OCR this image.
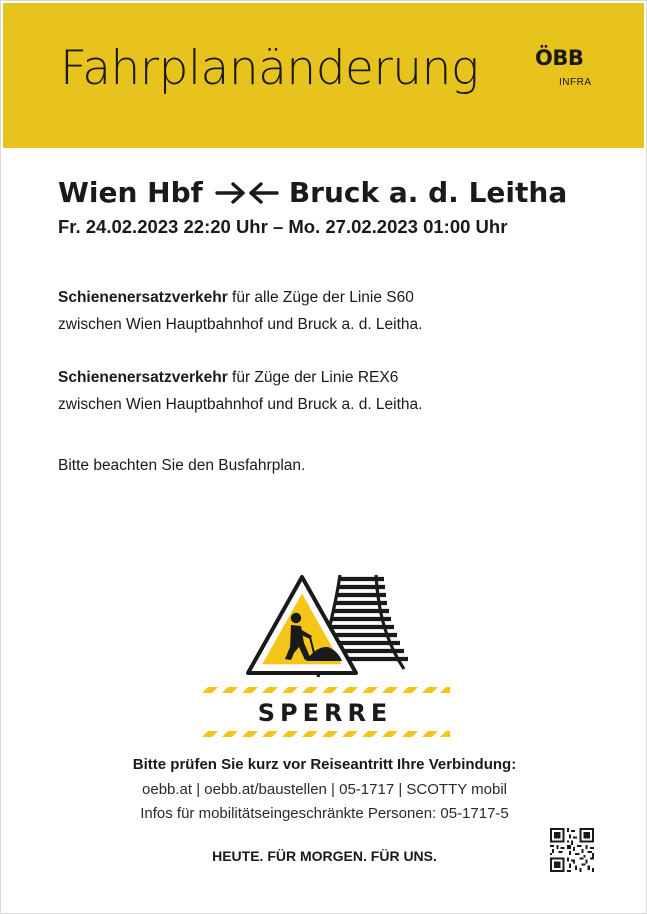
Fahrplanänderung	ÖBB
INFRA
Wien Hbf	Bruck a. d. Leitha
Fr. 24.02.2023 22:20 Uhr – Mo. 27.02.2023 01:00 Uhr
Schienenersatzverkehr für alle Züge der Linie S60
zwischen Wien Hauptbahnhof und Bruck a. d. Leitha.
Schienenersatzverkehr für Züge der Linie REX6
zwischen Wien Hauptbahnhof und Bruck a. d. Leitha.
Bitte beachten Sie den Busfahrplan.
SPERRE
Bitte prüfen Sie kurz vor Reiseantritt Ihre Verbindung:
oebb.at | oebb.at/baustellen | 05-1717 | SCOTTY mobil
Infos für mobilitätseingeschränkte Personen: 05-1717-5
HEUTE. FÜR MORGEN. FÜR UNS.
